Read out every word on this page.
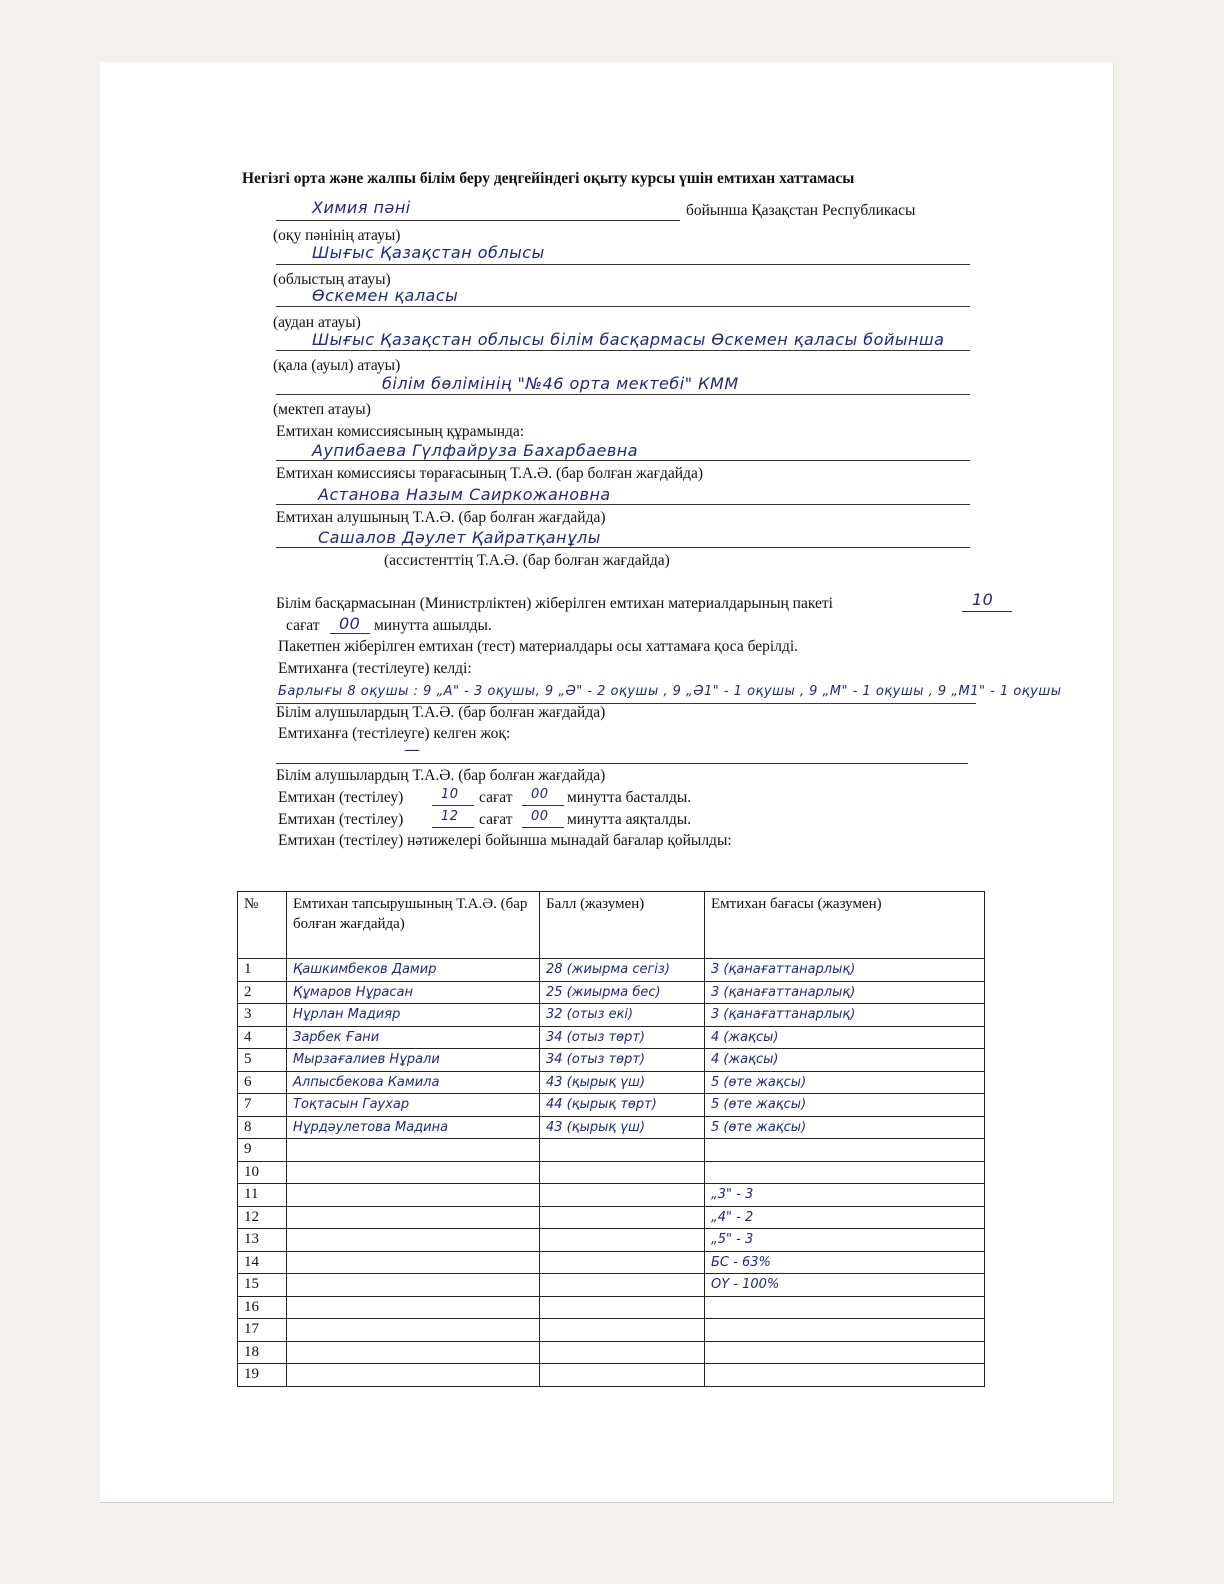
Негізгі орта және жалпы білім беру деңгейіндегі оқыту курсы үшін емтихан хаттамасы
Химия пәні	бойынша Қазақстан Республикасы
(оқу пәнінің атауы)
Шығыс Қазақстан облысы
(облыстың атауы)
Өскемен қаласы
(аудан атауы)
Шығыс Қазақстан облысы білім басқармасы Өскемен қаласы бойынша
(қала (ауыл) атауы)
білім бөлімінің "№46 орта мектебі" КММ
(мектеп атауы)
Емтихан комиссиясының құрамында:
Аупибаева Гүлфайруза Бахарбаевна
Емтихан комиссиясы төрағасының Т.А.Ә. (бар болған жағдайда)
Астанова Назым Саиркожановна
Емтихан алушының Т.А.Ә. (бар болған жағдайда)
Сашалов Дәулет Қайратқанұлы
(ассистенттің Т.А.Ә. (бар болған жағдайда)
Білім басқармасынан (Министрліктен) жіберілген емтихан материалдарының пакеті	10
сағат 00 минутта ашылды.
Пакетпен жіберілген емтихан (тест) материалдары осы хаттамаға қоса берілді.
Емтиханға (тестілеуге) келді:
Барлығы 8 оқушы : 9 „А" - 3 оқушы, 9 „Ә" - 2 оқушы , 9 „Ә1" - 1 оқушы , 9 „М" - 1 оқушы , 9 „М1" - 1 оқушы
Білім алушылардың Т.А.Ә. (бар болған жағдайда)
Емтиханға (тестілеуге) келген жоқ:
—
Білім алушылардың Т.А.Ә. (бар болған жағдайда)
Емтихан (тестілеу)	10 сағат 00 минутта басталды.
Емтихан (тестілеу)	12 сағат 00 минутта аяқталды.
Емтихан (тестілеу) нәтижелері бойынша мынадай бағалар қойылды:
№	Емтихан тапсырушының Т.А.Ә. (бар болған жағдайда)	Балл (жазумен)	Емтихан бағасы (жазумен)
1	Қашкимбеков Дамир	28 (жиырма сегіз)	3 (қанағаттанарлық)
2	Құмаров Нұрасан	25 (жиырма бес)	3 (қанағаттанарлық)
3	Нұрлан Мадияр	32 (отыз екі)	3 (қанағаттанарлық)
4	Зарбек Ғани	34 (отыз төрт)	4 (жақсы)
5	Мырзағалиев Нұрали	34 (отыз төрт)	4 (жақсы)
6	Алпысбекова Камила	43 (қырық үш)	5 (өте жақсы)
7	Тоқтасын Гаухар	44 (қырық төрт)	5 (өте жақсы)
8	Нұрдәулетова Мадина	43 (қырық үш)	5 (өте жақсы)
9			
10			
11			„3" - 3
12			„4" - 2
13			„5" - 3
14			БС - 63%
15			ОҮ - 100%
16			
17			
18			
19			
